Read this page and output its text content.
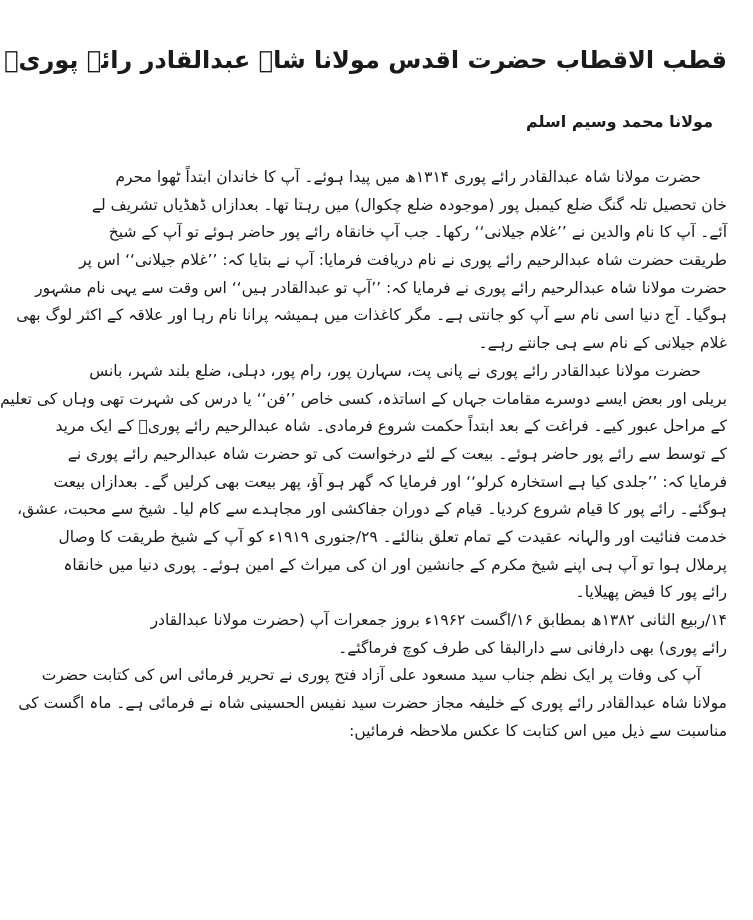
قطب الاقطاب حضرت اقدس مولانا شاہ عبدالقادر رائے پوریؒ
مولانا محمد وسیم اسلم
حضرت مولانا شاہ عبدالقادر رائے پوری ۱۳۱۴ھ میں پیدا ہوئے۔ آپ کا خاندان ابتداً ٹھوا محرم
خان تحصیل تلہ گنگ ضلع کیمبل پور (موجودہ ضلع چکوال) میں رہتا تھا۔ بعدازاں ڈھڈیاں تشریف لے
آئے۔ آپ کا نام والدین نے ’’غلام جیلانی‘‘ رکھا۔ جب آپ خانقاہ رائے پور حاضر ہوئے تو آپ کے شیخ
طریقت حضرت شاہ عبدالرحیم رائے پوری نے نام دریافت فرمایا: آپ نے بتایا کہ: ’’غلام جیلانی‘‘ اس پر
حضرت مولانا شاہ عبدالرحیم رائے پوری نے فرمایا کہ: ’’آپ تو عبدالقادر ہیں‘‘ اس وقت سے یہی نام مشہور
ہوگیا۔ آج دنیا اسی نام سے آپ کو جانتی ہے۔ مگر کاغذات میں ہمیشہ پرانا نام رہا اور علاقہ کے اکثر لوگ بھی
غلام جیلانی کے نام سے ہی جانتے رہے۔
حضرت مولانا عبدالقادر رائے پوری نے پانی پت، سہارن پور، رام پور، دہلی، ضلع بلند شہر، بانس
بریلی اور بعض ایسے دوسرے مقامات جہاں کے اساتذہ، کسی خاص ’’فن‘‘ یا درس کی شہرت تھی وہاں کی تعلیم
کے مراحل عبور کیے۔ فراغت کے بعد ابتداً حکمت شروع فرمادی۔ شاہ عبدالرحیم رائے پوریؒ کے ایک مرید
کے توسط سے رائے پور حاضر ہوئے۔ بیعت کے لئے درخواست کی تو حضرت شاہ عبدالرحیم رائے پوری نے
فرمایا کہ: ’’جلدی کیا ہے استخارہ کرلو‘‘ اور فرمایا کہ گھر ہو آؤ، پھر بیعت بھی کرلیں گے۔ بعدازاں بیعت
ہوگئے۔ رائے پور کا قیام شروع کردیا۔ قیام کے دوران جفاکشی اور مجاہدے سے کام لیا۔ شیخ سے محبت، عشق،
خدمت فنائیت اور والہانہ عقیدت کے تمام تعلق بنالئے۔ ۲۹/جنوری ۱۹۱۹ء کو آپ کے شیخ طریقت کا وصال
پرملال ہوا تو آپ ہی اپنے شیخ مکرم کے جانشین اور ان کی میراث کے امین ہوئے۔ پوری دنیا میں خانقاہ
رائے پور کا فیض پھیلایا۔
۱۴/ربیع الثانی ۱۳۸۲ھ بمطابق ۱۶/اگست ۱۹۶۲ء بروز جمعرات آپ (حضرت مولانا عبدالقادر
رائے پوری) بھی دارفانی سے دارالبقا کی طرف کوچ فرماگئے۔
آپ کی وفات پر ایک نظم جناب سید مسعود علی آزاد فتح پوری نے تحریر فرمائی اس کی کتابت حضرت
مولانا شاہ عبدالقادر رائے پوری کے خلیفہ مجاز حضرت سید نفیس الحسینی شاہ نے فرمائی ہے۔ ماہ اگست کی
مناسبت سے ذیل میں اس کتابت کا عکس ملاحظہ فرمائیں:
